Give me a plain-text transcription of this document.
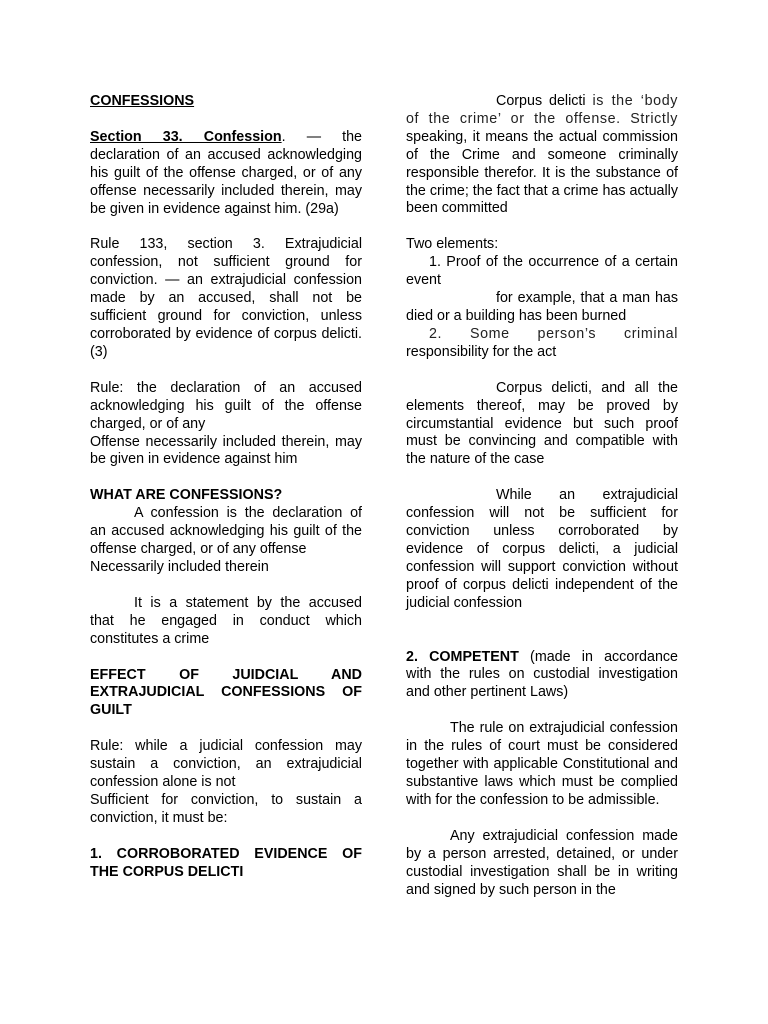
CONFESSIONS

Section 33. Confession. — the declaration of an accused acknowledging his guilt of the offense charged, or of any offense necessarily included therein, may be given in evidence against him. (29a)

Rule 133, section 3. Extrajudicial confession, not sufficient ground for conviction. — an extrajudicial confession made by an accused, shall not be sufficient ground for conviction, unless corroborated by evidence of corpus delicti. (3)

Rule: the declaration of an accused acknowledging his guilt of the offense charged, or of any

Offense necessarily included therein, may be given in evidence against him

WHAT ARE CONFESSIONS?

A confession is the declaration of an accused acknowledging his guilt of the offense charged, or of any offense

Necessarily included therein

It is a statement by the accused that he engaged in conduct which constitutes a crime

EFFECT OF JUIDCIAL AND EXTRAJUDICIAL CONFESSIONS OF GUILT

Rule: while a judicial confession may sustain a conviction, an extrajudicial confession alone is not

Sufficient for conviction, to sustain a conviction, it must be:

1. CORROBORATED EVIDENCE OF THE CORPUS DELICTI

Corpus delicti is the ‘body of the crime’ or the offense. Strictly speaking, it means the actual commission of the Crime and someone criminally responsible therefor. It is the substance of the crime; the fact that a crime has actually been committed

Two elements:

1. Proof of the occurrence of a certain event

for example, that a man has died or a building has been burned

2. Some person’s criminal responsibility for the act

Corpus delicti, and all the elements thereof, may be proved by circumstantial evidence but such proof must be convincing and compatible with the nature of the case

While an extrajudicial confession will not be sufficient for conviction unless corroborated by evidence of corpus delicti, a judicial confession will support conviction without proof of corpus delicti independent of the judicial confession

2. COMPETENT (made in accordance with the rules on custodial investigation and other pertinent Laws)

The rule on extrajudicial confession in the rules of court must be considered together with applicable Constitutional and substantive laws which must be complied with for the confession to be admissible.

Any extrajudicial confession made by a person arrested, detained, or under custodial investigation shall be in writing and signed by such person in the
